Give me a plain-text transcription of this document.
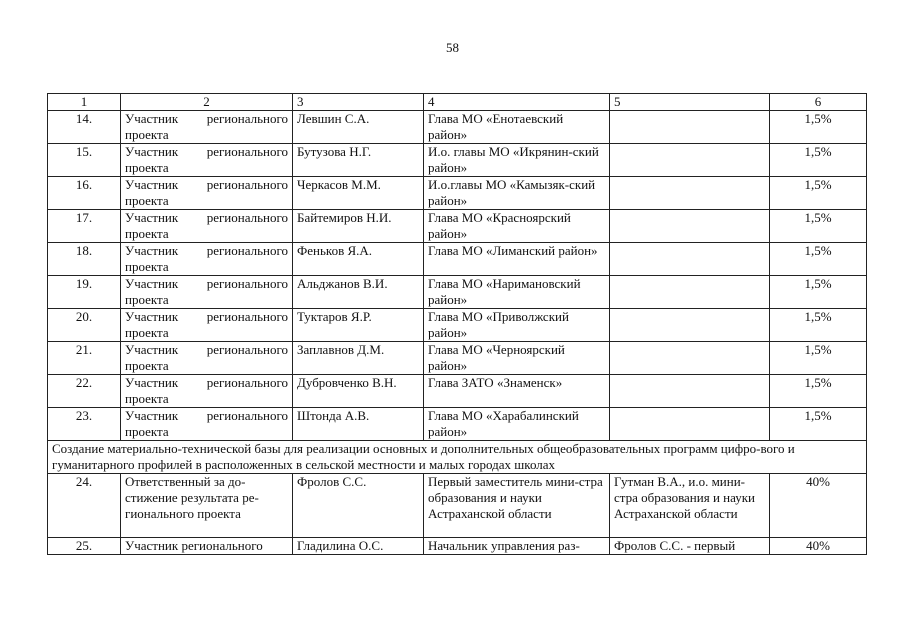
58
1	2	3	4	5	6
14.	Участник регионального проекта	Левшин С.А.	Глава МО «Енотаевский район»		1,5%
15.	Участник регионального проекта	Бутузова Н.Г.	И.о. главы МО «Икрянин-ский район»		1,5%
16.	Участник регионального проекта	Черкасов М.М.	И.о.главы МО «Камызяк-ский район»		1,5%
17.	Участник регионального проекта	Байтемиров Н.И.	Глава МО «Красноярский район»		1,5%
18.	Участник регионального проекта	Феньков Я.А.	Глава МО «Лиманский район»		1,5%
19.	Участник регионального проекта	Альджанов В.И.	Глава МО «Наримановский район»		1,5%
20.	Участник регионального проекта	Туктаров Я.Р.	Глава МО «Приволжский район»		1,5%
21.	Участник регионального проекта	Заплавнов Д.М.	Глава МО «Черноярский район»		1,5%
22.	Участник регионального проекта	Дубровченко В.Н.	Глава ЗАТО «Знаменск»		1,5%
23.	Участник регионального проекта	Штонда А.В.	Глава МО «Харабалинский район»		1,5%
Создание материально-технической базы для реализации основных и дополнительных общеобразовательных программ цифро-вого и гуманитарного профилей в расположенных в сельской местности и малых городах школах					
24.	Ответственный за до-стижение результата ре-гионального проекта	Фролов С.С.	Первый заместитель мини-стра образования и науки Астраханской области	Гутман В.А., и.о. мини-стра образования и науки Астраханской области	40%
25.	Участник регионального	Гладилина О.С.	Начальник управления раз-	Фролов С.С. - первый	40%
